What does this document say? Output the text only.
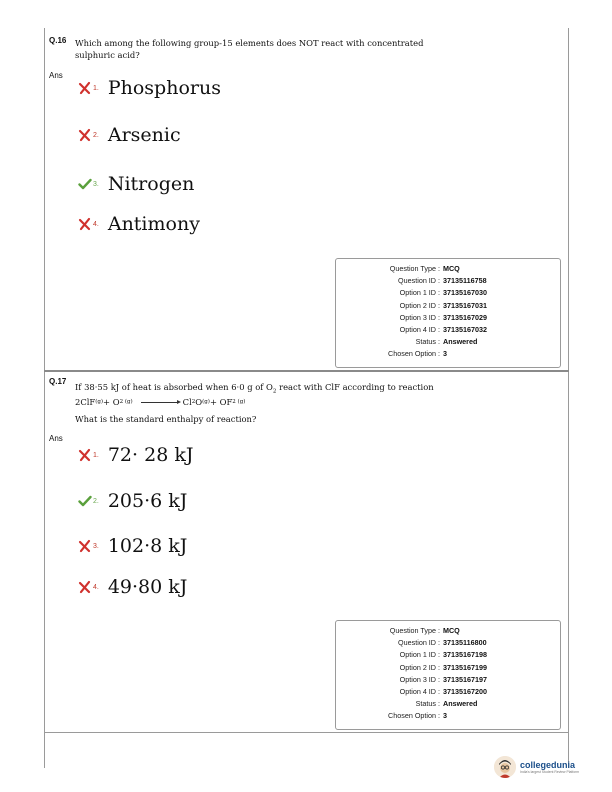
Q.16 Which among the following group-15 elements does NOT react with concentrated
sulphuric acid?
Ans
1. Phosphorus
2. Arsenic
3. Nitrogen
4. Antimony
Question Type : MCQ
Question ID : 37135116758
Option 1 ID : 37135167030
Option 2 ID : 37135167031
Option 3 ID : 37135167029
Option 4 ID : 37135167032
Status : Answered
Chosen Option : 3
Q.17
If 38·55 kJ of heat is absorbed when 6·0 g of $O_2$ react with ClF according to reaction
2ClF (g) + O 2 (g)	Cl 2 O (g) + OF 2 (g)
What is the standard enthalpy of reaction?
Ans
1. 72· 28 kJ
2. 205·6 kJ
3. 102·8 kJ
4. 49·80 kJ
Question Type : MCQ
Question ID : 37135116800
Option 1 ID : 37135167198
Option 2 ID : 37135167199
Option 3 ID : 37135167197
Option 4 ID : 37135167200
Status : Answered
Chosen Option : 3
collegedunia
India's largest Student Review Platform
